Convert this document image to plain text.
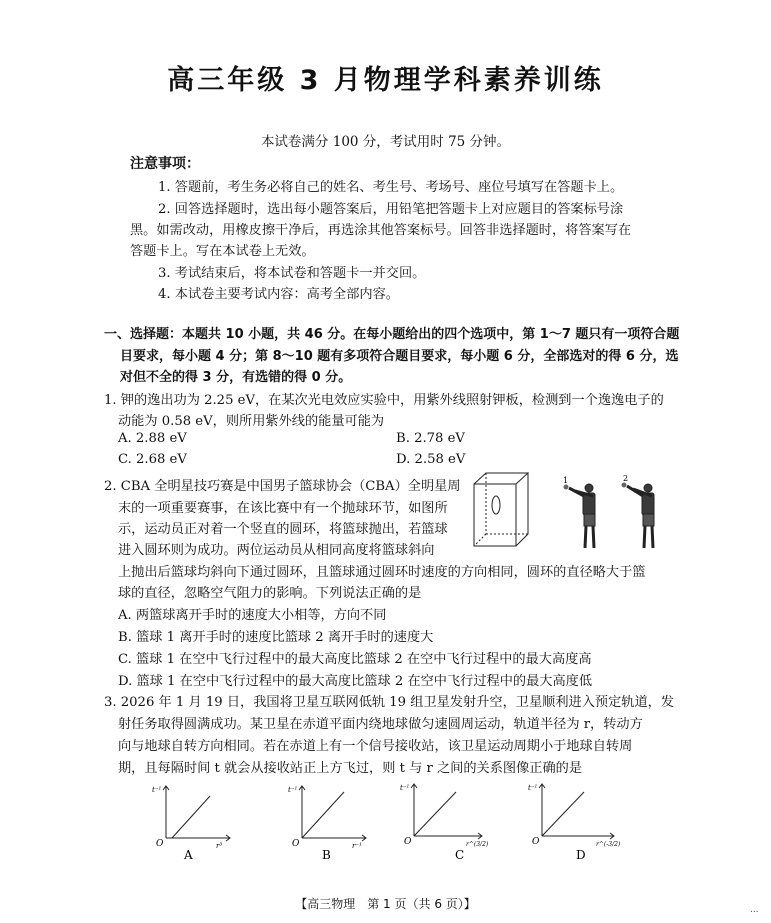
高三年级 3 月物理学科素养训练
本试卷满分 100 分，考试用时 75 分钟。
注意事项：
1. 答题前，考生务必将自己的姓名、考生号、考场号、座位号填写在答题卡上。
2. 回答选择题时，选出每小题答案后，用铅笔把答题卡上对应题目的答案标号涂
黑。如需改动，用橡皮擦干净后，再选涂其他答案标号。回答非选择题时，将答案写在
答题卡上。写在本试卷上无效。
3. 考试结束后，将本试卷和答题卡一并交回。
4. 本试卷主要考试内容：高考全部内容。
一、选择题：本题共 10 小题，共 46 分。在每小题给出的四个选项中，第 1～7 题只有一项符合题
目要求，每小题 4 分；第 8～10 题有多项符合题目要求，每小题 6 分，全部选对的得 6 分，选
对但不全的得 3 分，有选错的得 0 分。
1. 钾的逸出功为 2.25 eV，在某次光电效应实验中，用紫外线照射钾板，检测到一个逸逸电子的
动能为 0.58 eV，则所用紫外线的能量可能为
A. 2.88 eV	B. 2.78 eV
C. 2.68 eV	D. 2.58 eV
2. CBA 全明星技巧赛是中国男子篮球协会（CBA）全明星周
末的一项重要赛事，在该比赛中有一个抛球环节，如图所
示，运动员正对着一个竖直的圆环，将篮球抛出，若篮球
进入圆环则为成功。两位运动员从相同高度将篮球斜向
上抛出后篮球均斜向下通过圆环，且篮球通过圆环时速度的方向相同，圆环的直径略大于篮
球的直径，忽略空气阻力的影响。下列说法正确的是
A. 两篮球离开手时的速度大小相等，方向不同
B. 篮球 1 离开手时的速度比篮球 2 离开手时的速度大
C. 篮球 1 在空中飞行过程中的最大高度比篮球 2 在空中飞行过程中的最大高度高
D. 篮球 1 在空中飞行过程中的最大高度比篮球 2 在空中飞行过程中的最大高度低
1	2
3. 2026 年 1 月 19 日，我国将卫星互联网低轨 19 组卫星发射升空，卫星顺利进入预定轨道，发
射任务取得圆满成功。某卫星在赤道平面内绕地球做匀速圆周运动，轨道半径为 r，转动方
向与地球自转方向相同。若在赤道上有一个信号接收站，该卫星运动周期小于地球自转周
期，且每隔时间 t 就会从接收站正上方飞过，则 t 与 r 之间的关系图像正确的是
O
t⁻¹
r³
A
O
t⁻¹
r⁻¹
B
O
t⁻¹
r^(3/2)
C
O
t⁻¹
r^(-3/2)
D
【高三物理　第 1 页（共 6 页）】	...
